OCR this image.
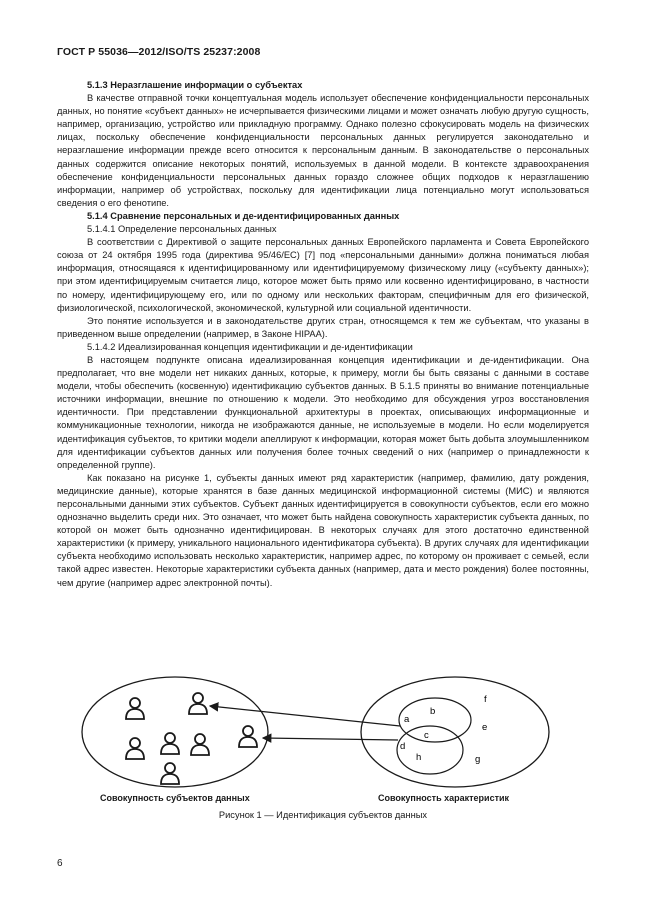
ГОСТ Р 55036—2012/ISO/TS 25237:2008

5.1.3 Неразглашение информации о субъектах

В качестве отправной точки концептуальная модель использует обеспечение конфиденциальности персональных данных, но понятие «субъект данных» не исчерпывается физическими лицами и может означать любую другую сущность, например, организацию, устройство или прикладную программу. Однако полезно сфокусировать модель на физических лицах, поскольку обеспечение конфиденциальности персональных данных регулируется законодательно и неразглашение информации прежде всего относится к персональным данным. В законодательстве о персональных данных содержится описание некоторых понятий, используемых в данной модели. В контексте здравоохранения обеспечение конфиденциальности персональных данных гораздо сложнее общих подходов к неразглашению информации, например об устройствах, поскольку для идентификации лица потенциально могут использоваться сведения о его фенотипе.

5.1.4 Сравнение персональных и де-идентифицированных данных

5.1.4.1 Определение персональных данных

В соответствии с Директивой о защите персональных данных Европейского парламента и Совета Европейского союза от 24 октября 1995 года (директива 95/46/ЕС) [7] под «персональными данными» должна пониматься любая информация, относящаяся к идентифицированному или идентифицируемому физическому лицу («субъекту данных»); при этом идентифицируемым считается лицо, которое может быть прямо или косвенно идентифицировано, в частности по номеру, идентифицирующему его, или по одному или нескольких факторам, специфичным для его физической, физиологической, психологической, экономической, культурной или социальной идентичности.

Это понятие используется и в законодательстве других стран, относящемся к тем же субъектам, что указаны в приведенном выше определении (например, в Законе HIPAA).

5.1.4.2 Идеализированная концепция идентификации и де-идентификации

В настоящем подпункте описана идеализированная концепция идентификации и де-идентификации. Она предполагает, что вне модели нет никаких данных, которые, к примеру, могли бы быть связаны с данными в составе модели, чтобы обеспечить (косвенную) идентификацию субъектов данных. В 5.1.5 приняты во внимание потенциальные источники информации, внешние по отношению к модели. Это необходимо для обсуждения угроз восстановления идентичности. При представлении функциональной архитектуры в проектах, описывающих информационные и коммуникационные технологии, никогда не изображаются данные, не используемые в модели. Но если моделируется идентификация субъектов, то критики модели апеллируют к информации, которая может быть добыта злоумышленником для идентификации субъектов данных или получения более точных сведений о них (например о принадлежности к определенной группе).

Как показано на рисунке 1, субъекты данных имеют ряд характеристик (например, фамилию, дату рождения, медицинские данные), которые хранятся в базе данных медицинской информационной системы (МИС) и являются персональными данными этих субъектов. Субъект данных идентифицируется в совокупности субъектов, если его можно однозначно выделить среди них. Это означает, что может быть найдена совокупность характеристик субъекта данных, по которой он может быть однозначно идентифицирован. В некоторых случаях для этого достаточно единственной характеристики (к примеру, уникального национального идентификатора субъекта). В других случаях для идентификации субъекта необходимо использовать несколько характеристик, например адрес, по которому он проживает с семьей, если такой адрес известен. Некоторые характеристики субъекта данных (например, дата и место рождения) более постоянны, чем другие (например адрес электронной почты).

a
b
c
d
e
f
g
h
Совокупность субъектов данных	Совокупность характеристик
Рисунок 1 — Идентификация субъектов данных
6
